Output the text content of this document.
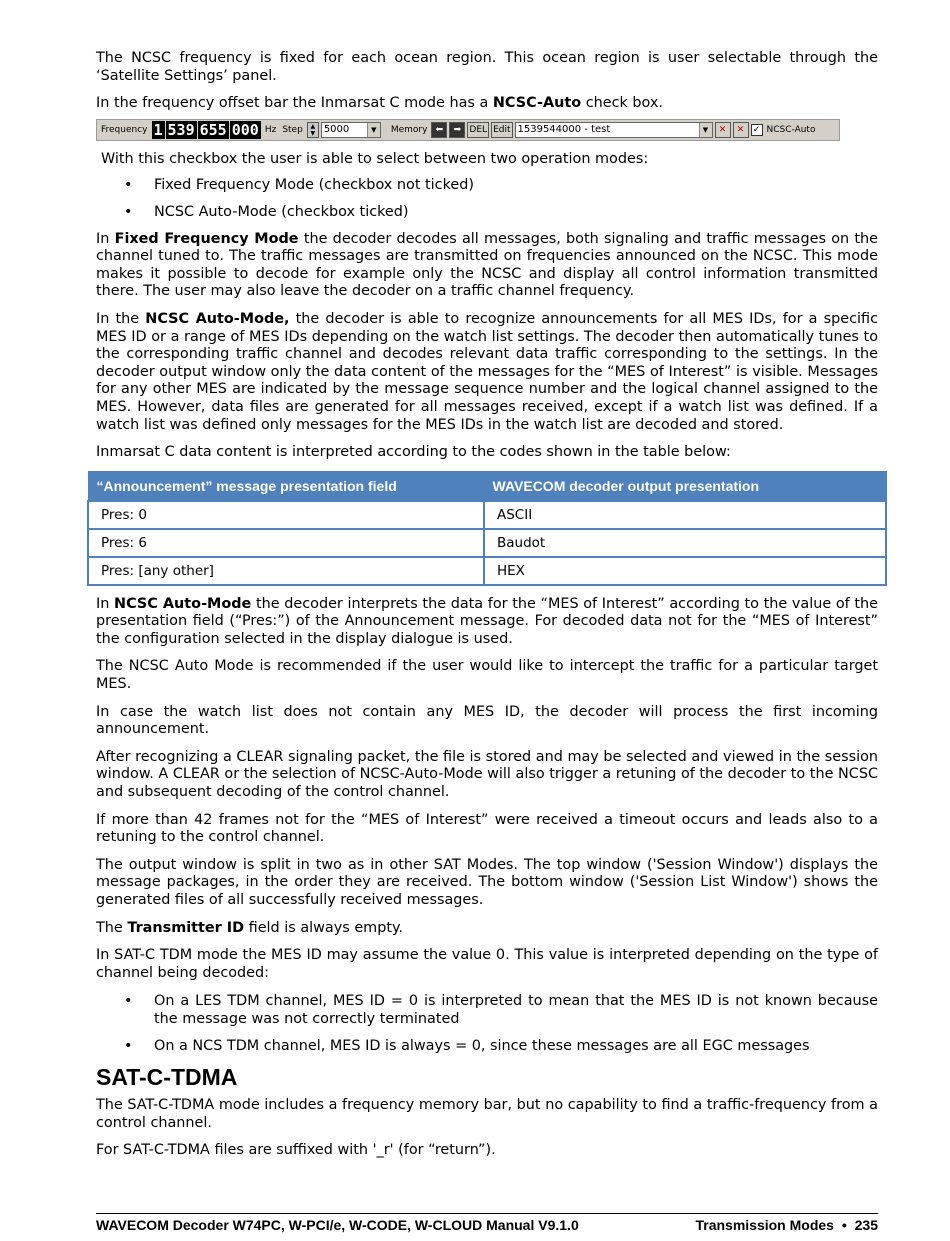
The NCSC frequency is fixed for each ocean region. This ocean region is user selectable through the ‘Satellite Settings’ panel.

In the frequency offset bar the Inmarsat C mode has a NCSC-Auto check box.

Frequency 1 539 655 000 Hz Step	▲
▼ 5000	▼	Memory ⬅	➡ DEL Edit 1539544000 - test	▼	✕	✕ ✓ NCSC-Auto

With this checkbox the user is able to select between two operation modes:

• Fixed Frequency Mode (checkbox not ticked)
• NCSC Auto-Mode (checkbox ticked)

In Fixed Frequency Mode the decoder decodes all messages, both signaling and traffic messages on the channel tuned to. The traffic messages are transmitted on frequencies announced on the NCSC. This mode makes it possible to decode for example only the NCSC and display all control information transmitted there. The user may also leave the decoder on a traffic channel frequency.

In the NCSC Auto-Mode, the decoder is able to recognize announcements for all MES IDs, for a specific MES ID or a range of MES IDs depending on the watch list settings. The decoder then automatically tunes to the corresponding traffic channel and decodes relevant data traffic corresponding to the settings. In the decoder output window only the data content of the messages for the “MES of Interest” is visible. Messages for any other MES are indicated by the message sequence number and the logical channel assigned to the MES. However, data files are generated for all messages received, except if a watch list was defined. If a watch list was defined only messages for the MES IDs in the watch list are decoded and stored.

Inmarsat C data content is interpreted according to the codes shown in the table below:

“Announcement” message presentation field	WAVECOM decoder output presentation
Pres: 0	ASCII
Pres: 6	Baudot
Pres: [any other]	HEX

In NCSC Auto-Mode the decoder interprets the data for the “MES of Interest” according to the value of the presentation field (“Pres:”) of the Announcement message. For decoded data not for the “MES of Interest” the configuration selected in the display dialogue is used.

The NCSC Auto Mode is recommended if the user would like to intercept the traffic for a particular target MES.

In case the watch list does not contain any MES ID, the decoder will process the first incoming announcement.

After recognizing a CLEAR signaling packet, the file is stored and may be selected and viewed in the session window. A CLEAR or the selection of NCSC-Auto-Mode will also trigger a retuning of the decoder to the NCSC and subsequent decoding of the control channel.

If more than 42 frames not for the “MES of Interest” were received a timeout occurs and leads also to a retuning to the control channel.

The output window is split in two as in other SAT Modes. The top window ('Session Window') displays the message packages, in the order they are received. The bottom window ('Session List Window') shows the generated files of all successfully received messages.

The Transmitter ID field is always empty.

In SAT-C TDM mode the MES ID may assume the value 0. This value is interpreted depending on the type of channel being decoded:

• On a LES TDM channel, MES ID = 0 is interpreted to mean that the MES ID is not known because the message was not correctly terminated
• On a NCS TDM channel, MES ID is always = 0, since these messages are all EGC messages
SAT-C-TDMA

The SAT-C-TDMA mode includes a frequency memory bar, but no capability to find a traffic-frequency from a control channel.

For SAT-C-TDMA files are suffixed with '_r' (for “return”).

WAVECOM Decoder W74PC, W-PCI/e, W-CODE, W-CLOUD Manual V9.1.0	Transmission Modes • 235
